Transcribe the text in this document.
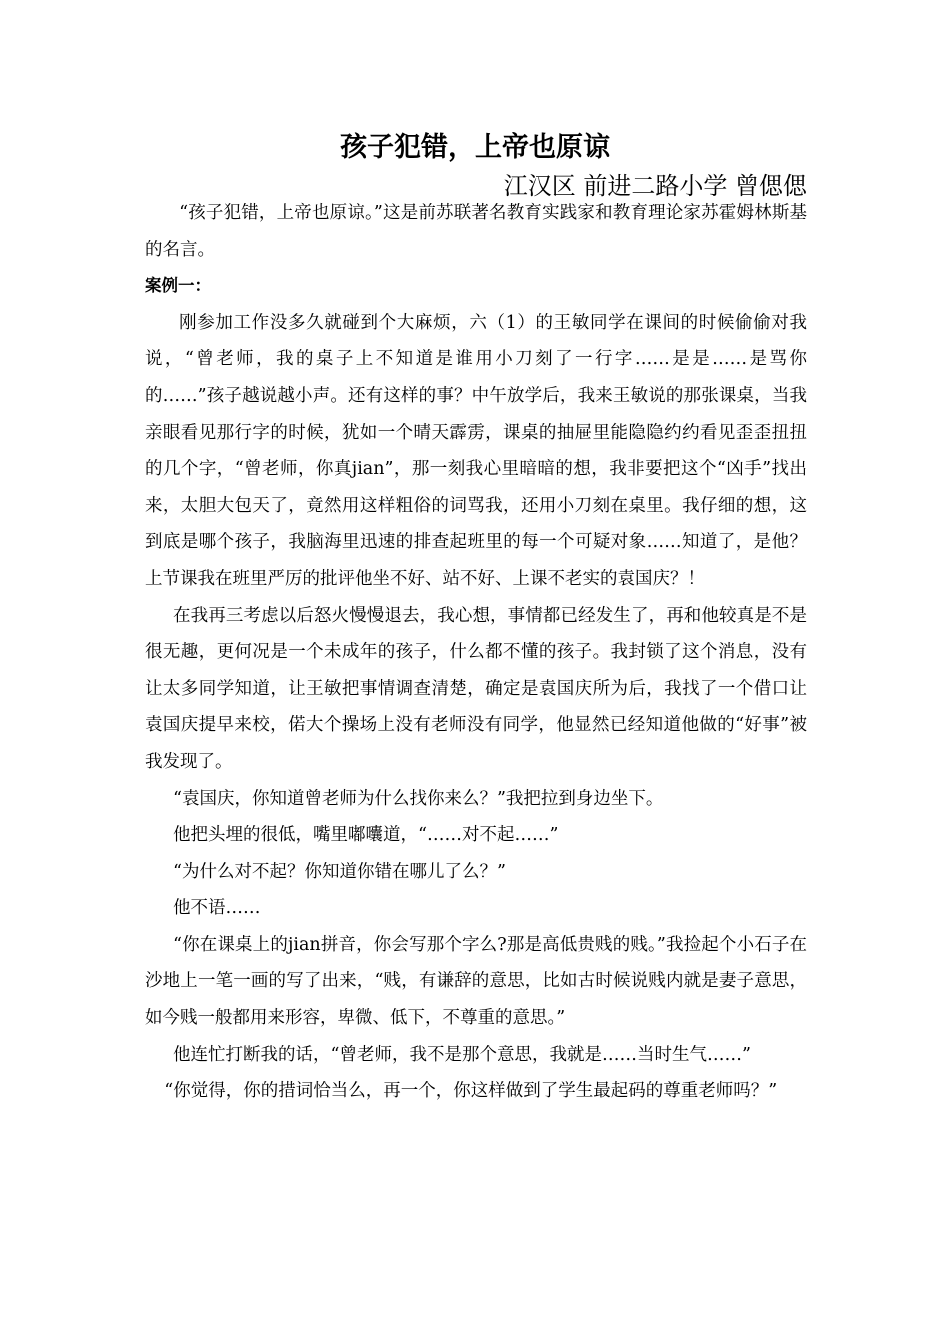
孩子犯错，上帝也原谅

江汉区 前进二路小学 曾偲偲

“孩子犯错，上帝也原谅。”这是前苏联著名教育实践家和教育理论家苏霍姆林斯基的名言。

案例一：

刚参加工作没多久就碰到个大麻烦，六（1）的王敏同学在课间的时候偷偷对我说，“曾老师，我的桌子上不知道是谁用小刀刻了一行字……是是……是骂你的……”孩子越说越小声。还有这样的事？中午放学后，我来王敏说的那张课桌，当我亲眼看见那行字的时候，犹如一个晴天霹雳，课桌的抽屉里能隐隐约约看见歪歪扭扭的几个字，“曾老师，你真jian”，那一刻我心里暗暗的想，我非要把这个“凶手”找出来，太胆大包天了，竟然用这样粗俗的词骂我，还用小刀刻在桌里。我仔细的想，这到底是哪个孩子，我脑海里迅速的排查起班里的每一个可疑对象……知道了，是他？上节课我在班里严厉的批评他坐不好、站不好、上课不老实的袁国庆？！

在我再三考虑以后怒火慢慢退去，我心想，事情都已经发生了，再和他较真是不是很无趣，更何况是一个未成年的孩子，什么都不懂的孩子。我封锁了这个消息，没有让太多同学知道，让王敏把事情调查清楚，确定是袁国庆所为后，我找了一个借口让袁国庆提早来校，偌大个操场上没有老师没有同学，他显然已经知道他做的“好事”被我发现了。

“袁国庆，你知道曾老师为什么找你来么？”我把拉到身边坐下。

他把头埋的很低，嘴里嘟囔道，“……对不起……”

“为什么对不起？你知道你错在哪儿了么？”

他不语……

“你在课桌上的jian拼音，你会写那个字么?那是高低贵贱的贱。”我捡起个小石子在沙地上一笔一画的写了出来，“贱，有谦辞的意思，比如古时候说贱内就是妻子意思，如今贱一般都用来形容，卑微、低下，不尊重的意思。”

他连忙打断我的话，“曾老师，我不是那个意思，我就是……当时生气……”

“你觉得，你的措词恰当么，再一个，你这样做到了学生最起码的尊重老师吗？”
